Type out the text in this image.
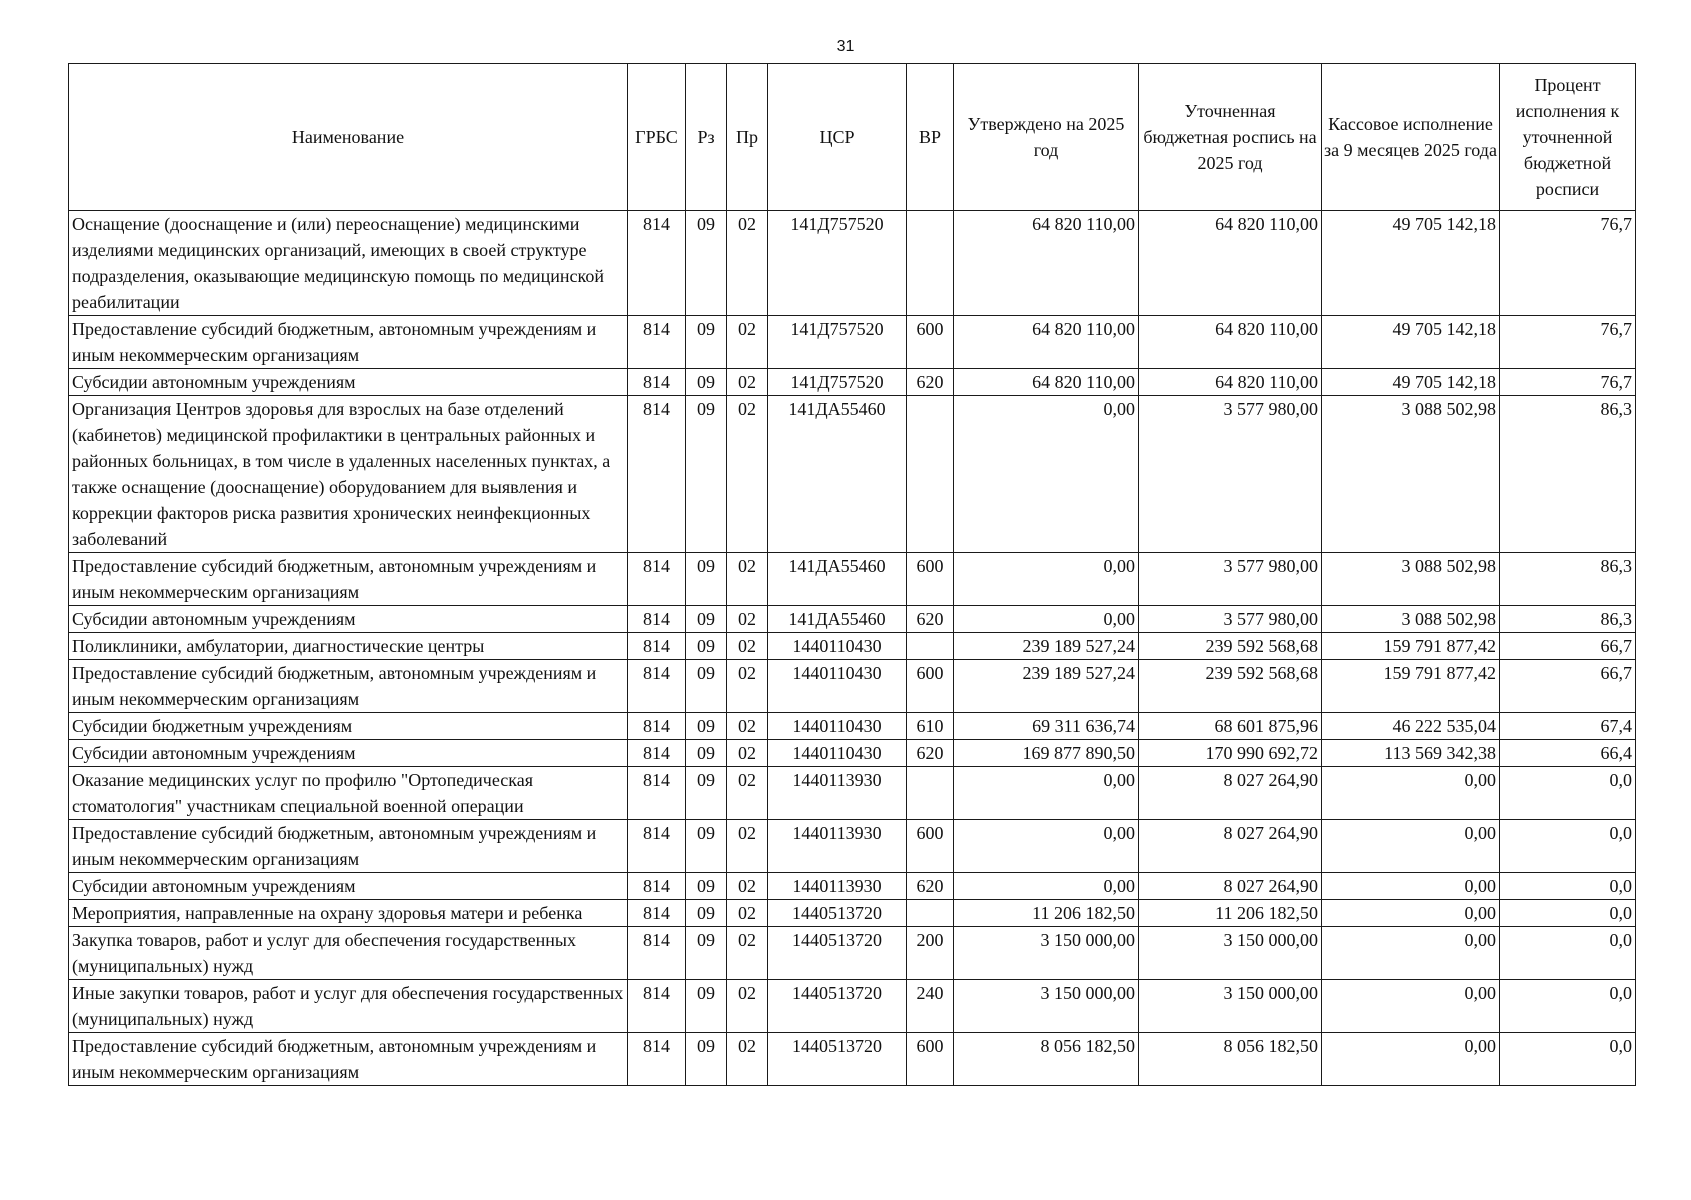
31
Наименование	ГРБС	Рз	Пр	ЦСР	ВР	Утверждено на 2025 год	Уточненная бюджетная роспись на 2025 год	Кассовое исполнение за 9 месяцев 2025 года	Процент исполнения к уточненной бюджетной росписи
Оснащение (дооснащение и (или) переоснащение) медицинскими изделиями медицинских организаций, имеющих в своей структуре подразделения, оказывающие медицинскую помощь по медицинской реабилитации	814	09	02	141Д757520		64 820 110,00	64 820 110,00	49 705 142,18	76,7
Предоставление субсидий бюджетным, автономным учреждениям и иным некоммерческим организациям	814	09	02	141Д757520	600	64 820 110,00	64 820 110,00	49 705 142,18	76,7
Субсидии автономным учреждениям	814	09	02	141Д757520	620	64 820 110,00	64 820 110,00	49 705 142,18	76,7
Организация Центров здоровья для взрослых на базе отделений (кабинетов) медицинской профилактики в центральных районных и районных больницах, в том числе в удаленных населенных пунктах, а также оснащение (дооснащение) оборудованием для выявления и коррекции факторов риска развития хронических неинфекционных заболеваний	814	09	02	141ДА55460		0,00	3 577 980,00	3 088 502,98	86,3
Предоставление субсидий бюджетным, автономным учреждениям и иным некоммерческим организациям	814	09	02	141ДА55460	600	0,00	3 577 980,00	3 088 502,98	86,3
Субсидии автономным учреждениям	814	09	02	141ДА55460	620	0,00	3 577 980,00	3 088 502,98	86,3
Поликлиники, амбулатории, диагностические центры	814	09	02	1440110430		239 189 527,24	239 592 568,68	159 791 877,42	66,7
Предоставление субсидий бюджетным, автономным учреждениям и иным некоммерческим организациям	814	09	02	1440110430	600	239 189 527,24	239 592 568,68	159 791 877,42	66,7
Субсидии бюджетным учреждениям	814	09	02	1440110430	610	69 311 636,74	68 601 875,96	46 222 535,04	67,4
Субсидии автономным учреждениям	814	09	02	1440110430	620	169 877 890,50	170 990 692,72	113 569 342,38	66,4
Оказание медицинских услуг по профилю "Ортопедическая стоматология" участникам специальной военной операции	814	09	02	1440113930		0,00	8 027 264,90	0,00	0,0
Предоставление субсидий бюджетным, автономным учреждениям и иным некоммерческим организациям	814	09	02	1440113930	600	0,00	8 027 264,90	0,00	0,0
Субсидии автономным учреждениям	814	09	02	1440113930	620	0,00	8 027 264,90	0,00	0,0
Мероприятия, направленные на охрану здоровья матери и ребенка	814	09	02	1440513720		11 206 182,50	11 206 182,50	0,00	0,0
Закупка товаров, работ и услуг для обеспечения государственных (муниципальных) нужд	814	09	02	1440513720	200	3 150 000,00	3 150 000,00	0,00	0,0
Иные закупки товаров, работ и услуг для обеспечения государственных (муниципальных) нужд	814	09	02	1440513720	240	3 150 000,00	3 150 000,00	0,00	0,0
Предоставление субсидий бюджетным, автономным учреждениям и иным некоммерческим организациям	814	09	02	1440513720	600	8 056 182,50	8 056 182,50	0,00	0,0
